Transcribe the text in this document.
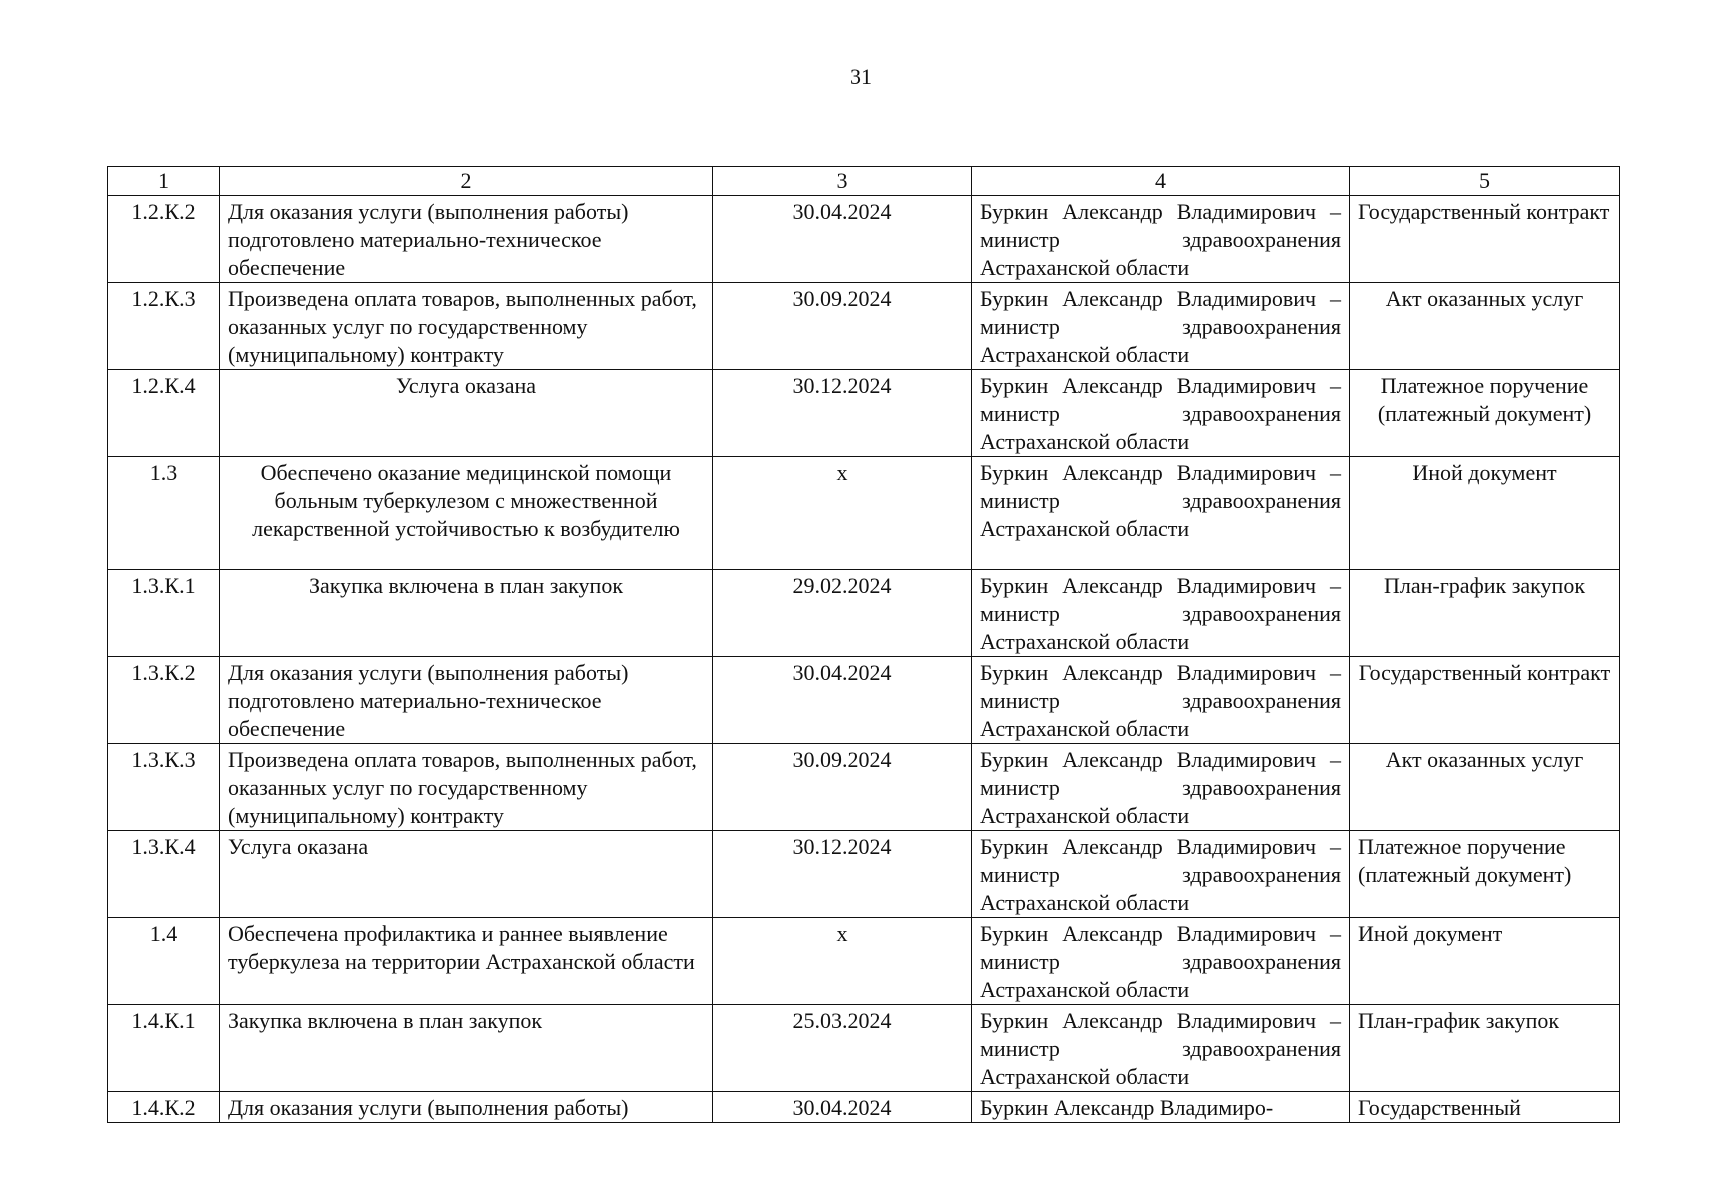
31
1	2	3	4	5
1.2.К.2	Для оказания услуги (выполнения работы) подготовлено материально-техническое обеспечение	30.04.2024	Буркин Александр Владимирович – министр здравоохранения Астраханской области	Государственный контракт
1.2.К.3	Произведена оплата товаров, выполненных работ, оказанных услуг по государственному (муниципальному) контракту	30.09.2024	Буркин Александр Владимирович – министр здравоохранения Астраханской области	Акт оказанных услуг
1.2.К.4	Услуга оказана	30.12.2024	Буркин Александр Владимирович – министр здравоохранения Астраханской области	Платежное поручение (платежный документ)
1.3	Обеспечено оказание медицинской помощи больным туберкулезом с множественной лекарственной устойчивостью к возбудителю	х	Буркин Александр Владимирович – министр здравоохранения Астраханской области	Иной документ
1.3.К.1	Закупка включена в план закупок	29.02.2024	Буркин Александр Владимирович – министр здравоохранения Астраханской области	План-график закупок
1.3.К.2	Для оказания услуги (выполнения работы) подготовлено материально-техническое обеспечение	30.04.2024	Буркин Александр Владимирович – министр здравоохранения Астраханской области	Государственный контракт
1.3.К.3	Произведена оплата товаров, выполненных работ, оказанных услуг по государственному (муниципальному) контракту	30.09.2024	Буркин Александр Владимирович – министр здравоохранения Астраханской области	Акт оказанных услуг
1.3.К.4	Услуга оказана	30.12.2024	Буркин Александр Владимирович – министр здравоохранения Астраханской области	Платежное поручение (платежный документ)
1.4	Обеспечена профилактика и раннее выявление туберкулеза на территории Астраханской области	х	Буркин Александр Владимирович – министр здравоохранения Астраханской области	Иной документ
1.4.К.1	Закупка включена в план закупок	25.03.2024	Буркин Александр Владимирович – министр здравоохранения Астраханской области	План-график закупок
1.4.К.2	Для оказания услуги (выполнения работы)	30.04.2024	Буркин Александр Владимиро-	Государственный
